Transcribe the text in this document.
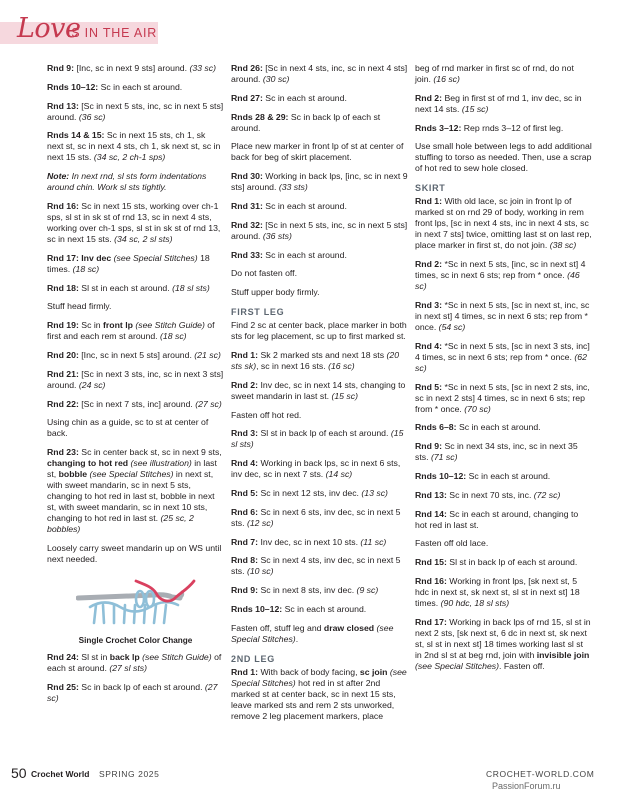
Love
IS IN THE AIR
Rnd 9: [Inc, sc in next 9 sts] around. (33 sc)
Rnds 10–12: Sc in each st around.
Rnd 13: [Sc in next 5 sts, inc, sc in next 5 sts] around. (36 sc)
Rnds 14 & 15: Sc in next 15 sts, ch 1, sk next st, sc in next 4 sts, ch 1, sk next st, sc in next 15 sts. (34 sc, 2 ch-1 sps)
Note: In next rnd, sl sts form indentations around chin. Work sl sts tightly.
Rnd 16: Sc in next 15 sts, working over ch-1 sps, sl st in sk st of rnd 13, sc in next 4 sts, working over ch-1 sps, sl st in sk st of rnd 13, sc in next 15 sts. (34 sc, 2 sl sts)
Rnd 17: Inv dec (see Special Stitches) 18 times. (18 sc)
Rnd 18: Sl st in each st around. (18 sl sts)
Stuff head firmly.
Rnd 19: Sc in front lp (see Stitch Guide) of first and each rem st around. (18 sc)
Rnd 20: [Inc, sc in next 5 sts] around. (21 sc)
Rnd 21: [Sc in next 3 sts, inc, sc in next 3 sts] around. (24 sc)
Rnd 22: [Sc in next 7 sts, inc] around. (27 sc)
Using chin as a guide, sc to st at center of back.
Rnd 23: Sc in center back st, sc in next 9 sts, changing to hot red (see illustration) in last st, bobble (see Special Stitches) in next st, with sweet mandarin, sc in next 5 sts, changing to hot red in last st, bobble in next st, with sweet mandarin, sc in next 10 sts, changing to hot red in last st. (25 sc, 2 bobbles)
Loosely carry sweet mandarin up on WS until next needed.
Single Crochet Color Change
Rnd 24: Sl st in back lp (see Stitch Guide) of each st around. (27 sl sts)
Rnd 25: Sc in back lp of each st around. (27 sc)
Rnd 26: [Sc in next 4 sts, inc, sc in next 4 sts] around. (30 sc)
Rnd 27: Sc in each st around.
Rnds 28 & 29: Sc in back lp of each st around.
Place new marker in front lp of st at center of back for beg of skirt placement.
Rnd 30: Working in back lps, [inc, sc in next 9 sts] around. (33 sts)
Rnd 31: Sc in each st around.
Rnd 32: [Sc in next 5 sts, inc, sc in next 5 sts] around. (36 sts)
Rnd 33: Sc in each st around.
Do not fasten off.
Stuff upper body firmly.
FIRST LEG
Find 2 sc at center back, place marker in both sts for leg placement, sc up to first marked st.
Rnd 1: Sk 2 marked sts and next 18 sts (20 sts sk), sc in next 16 sts. (16 sc)
Rnd 2: Inv dec, sc in next 14 sts, changing to sweet mandarin in last st. (15 sc)
Fasten off hot red.
Rnd 3: Sl st in back lp of each st around. (15 sl sts)
Rnd 4: Working in back lps, sc in next 6 sts, inv dec, sc in next 7 sts. (14 sc)
Rnd 5: Sc in next 12 sts, inv dec. (13 sc)
Rnd 6: Sc in next 6 sts, inv dec, sc in next 5 sts. (12 sc)
Rnd 7: Inv dec, sc in next 10 sts. (11 sc)
Rnd 8: Sc in next 4 sts, inv dec, sc in next 5 sts. (10 sc)
Rnd 9: Sc in next 8 sts, inv dec. (9 sc)
Rnds 10–12: Sc in each st around.
Fasten off, stuff leg and draw closed (see Special Stitches).
2ND LEG
Rnd 1: With back of body facing, sc join (see Special Stitches) hot red in st after 2nd marked st at center back, sc in next 15 sts, leave marked sts and rem 2 sts unworked, remove 2 leg placement markers, place
beg of rnd marker in first sc of rnd, do not join. (16 sc)
Rnd 2: Beg in first st of rnd 1, inv dec, sc in next 14 sts. (15 sc)
Rnds 3–12: Rep rnds 3–12 of first leg.
Use small hole between legs to add additional stuffing to torso as needed. Then, use a scrap of hot red to sew hole closed.
SKIRT
Rnd 1: With old lace, sc join in front lp of marked st on rnd 29 of body, working in rem front lps, [sc in next 4 sts, inc in next 4 sts, sc in next 7 sts] twice, omitting last st on last rep, place marker in first st, do not join. (38 sc)
Rnd 2: *Sc in next 5 sts, [inc, sc in next st] 4 times, sc in next 6 sts; rep from * once. (46 sc)
Rnd 3: *Sc in next 5 sts, [sc in next st, inc, sc in next st] 4 times, sc in next 6 sts; rep from * once. (54 sc)
Rnd 4: *Sc in next 5 sts, [sc in next 3 sts, inc] 4 times, sc in next 6 sts; rep from * once. (62 sc)
Rnd 5: *Sc in next 5 sts, [sc in next 2 sts, inc, sc in next 2 sts] 4 times, sc in next 6 sts; rep from * once. (70 sc)
Rnds 6–8: Sc in each st around.
Rnd 9: Sc in next 34 sts, inc, sc in next 35 sts. (71 sc)
Rnds 10–12: Sc in each st around.
Rnd 13: Sc in next 70 sts, inc. (72 sc)
Rnd 14: Sc in each st around, changing to hot red in last st.
Fasten off old lace.
Rnd 15: Sl st in back lp of each st around.
Rnd 16: Working in front lps, [sk next st, 5 hdc in next st, sk next st, sl st in next st] 18 times. (90 hdc, 18 sl sts)
Rnd 17: Working in back lps of rnd 15, sl st in next 2 sts, [sk next st, 6 dc in next st, sk next st, sl st in next st] 18 times working last sl st in 2nd sl st at beg rnd, join with invisible join (see Special Stitches). Fasten off.
50 Crochet World SPRING 2025	CROCHET-WORLD.COM
PassionForum.ru
